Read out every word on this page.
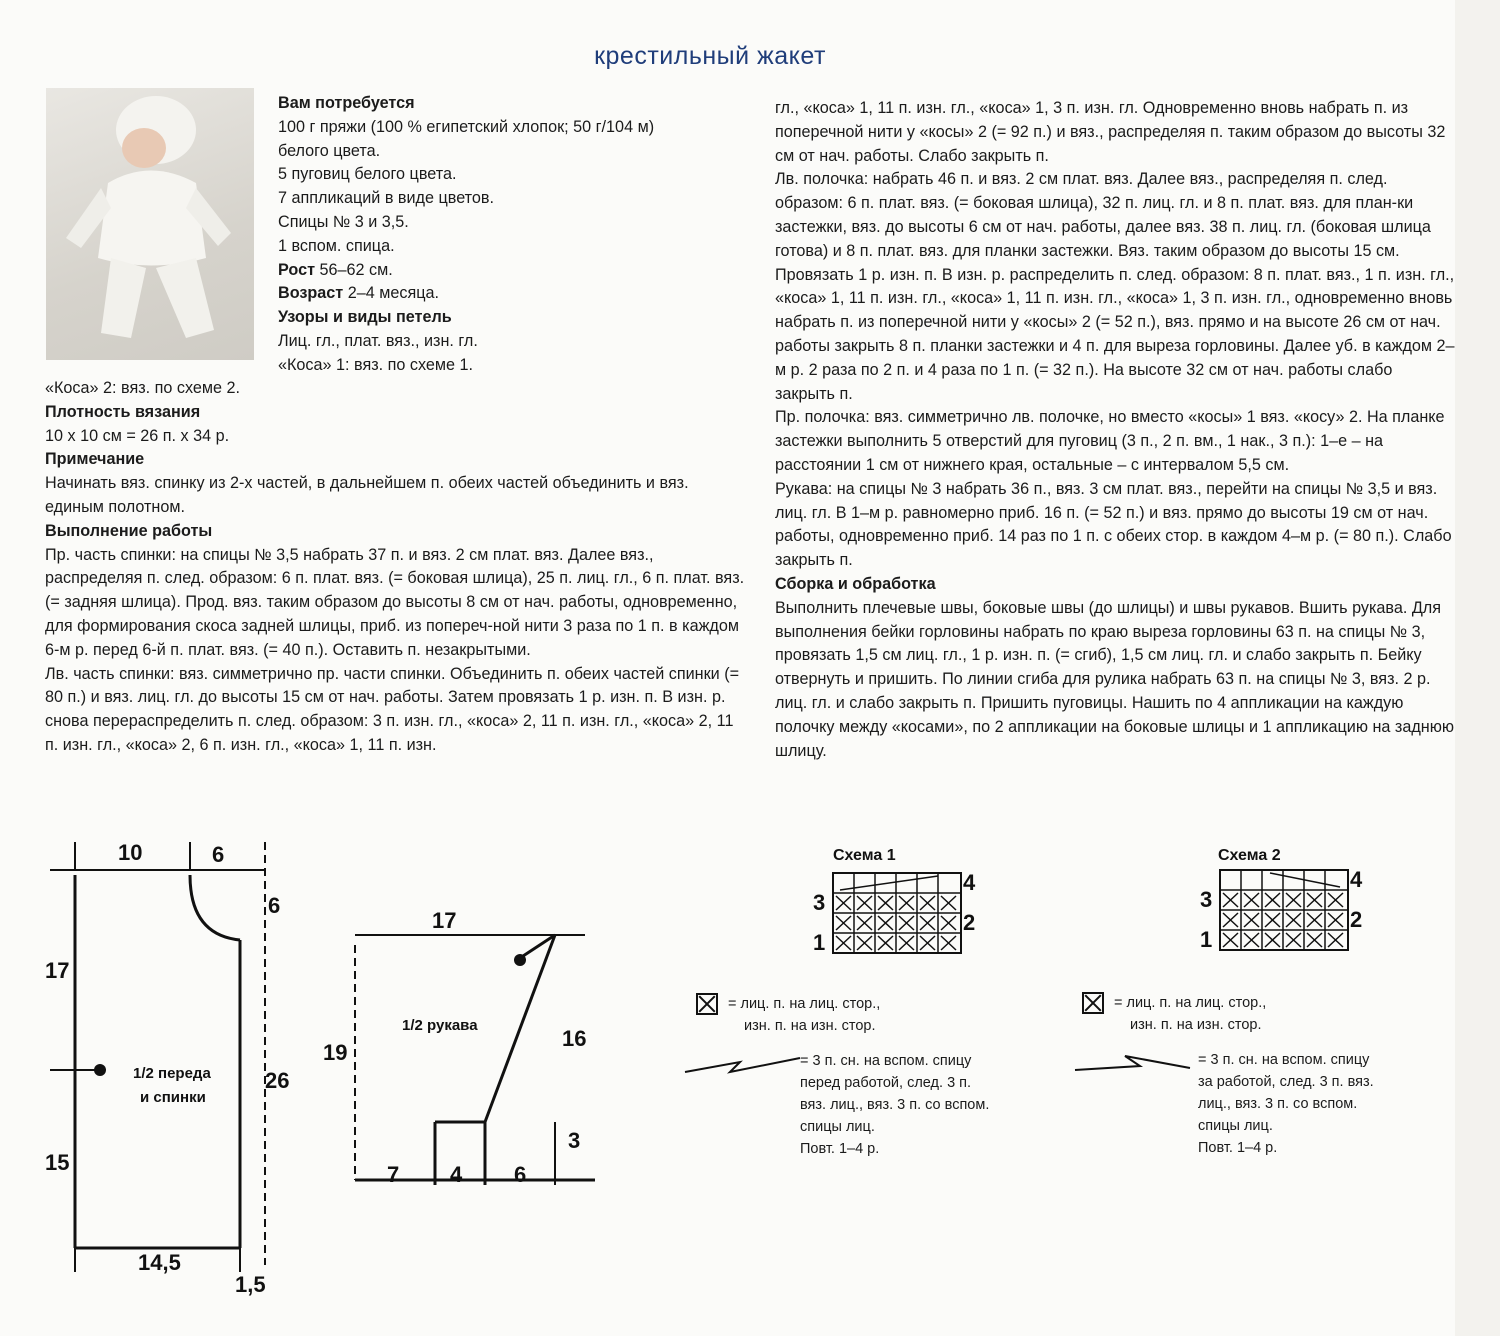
крестильный жакет

Вам потребуется

100 г пряжи (100 % египетский хлопок; 50 г/104 м)

белого цвета.

5 пуговиц белого цвета.

7 аппликаций в виде цветов.

Спицы № 3 и 3,5.

1 вспом. спица.

Рост 56–62 см.

Возраст 2–4 месяца.

Узоры и виды петель

Лиц. гл., плат. вяз., изн. гл.

«Коса» 1: вяз. по схеме 1.

«Коса» 2: вяз. по схеме 2.

Плотность вязания

10 х 10 см = 26 п. х 34 р.

Примечание

Начинать вяз. спинку из 2-х частей, в дальнейшем п. обеих частей объединить и вяз. единым полотном.

Выполнение работы

Пр. часть спинки: на спицы № 3,5 набрать 37 п. и вяз. 2 см плат. вяз. Далее вяз., распределяя п. след. образом: 6 п. плат. вяз. (= боковая шлица), 25 п. лиц. гл., 6 п. плат. вяз. (= задняя шлица). Прод. вяз. таким образом до высоты 8 см от нач. работы, одновременно, для формирования скоса задней шлицы, приб. из попереч-ной нити 3 раза по 1 п. в каждом 6-м р. перед 6-й п. плат. вяз. (= 40 п.). Оставить п. незакрытыми.

Лв. часть спинки: вяз. симметрично пр. части спинки. Объединить п. обеих частей спинки (= 80 п.) и вяз. лиц. гл. до высоты 15 см от нач. работы. Затем провязать 1 р. изн. п. В изн. р. снова перераспределить п. след. образом: 3 п. изн. гл., «коса» 2, 11 п. изн. гл., «коса» 2, 11 п. изн. гл., «коса» 2, 6 п. изн. гл., «коса» 1, 11 п. изн.

гл., «коса» 1, 11 п. изн. гл., «коса» 1, 3 п. изн. гл. Одновременно вновь набрать п. из поперечной нити у «косы» 2 (= 92 п.) и вяз., распределяя п. таким образом до высоты 32 см от нач. работы. Слабо закрыть п.

Лв. полочка: набрать 46 п. и вяз. 2 см плат. вяз. Далее вяз., распределяя п. след. образом: 6 п. плат. вяз. (= боковая шлица), 32 п. лиц. гл. и 8 п. плат. вяз. для план-ки застежки, вяз. до высоты 6 см от нач. работы, далее вяз. 38 п. лиц. гл. (боковая шлица готова) и 8 п. плат. вяз. для планки застежки. Вяз. таким образом до высоты 15 см. Провязать 1 р. изн. п. В изн. р. распределить п. след. образом: 8 п. плат. вяз., 1 п. изн. гл., «коса» 1, 11 п. изн. гл., «коса» 1, 11 п. изн. гл., «коса» 1, 3 п. изн. гл., одновременно вновь набрать п. из поперечной нити у «косы» 2 (= 52 п.), вяз. прямо и на высоте 26 см от нач. работы закрыть 8 п. планки застежки и 4 п. для выреза горловины. Далее уб. в каждом 2–м р. 2 раза по 2 п. и 4 раза по 1 п. (= 32 п.). На высоте 32 см от нач. работы слабо закрыть п.

Пр. полочка: вяз. симметрично лв. полочке, но вместо «косы» 1 вяз. «косу» 2. На планке застежки выполнить 5 отверстий для пуговиц (3 п., 2 п. вм., 1 нак., 3 п.): 1–е – на расстоянии 1 см от нижнего края, остальные – с интервалом 5,5 см.

Рукава: на спицы № 3 набрать 36 п., вяз. 3 см плат. вяз., перейти на спицы № 3,5 и вяз. лиц. гл. В 1–м р. равномерно приб. 16 п. (= 52 п.) и вяз. прямо до высоты 19 см от нач. работы, одновременно приб. 14 раз по 1 п. с обеих стор. в каждом 4–м р. (= 80 п.). Слабо закрыть п.

Сборка и обработка

Выполнить плечевые швы, боковые швы (до шлицы) и швы рукавов. Вшить рукава. Для выполнения бейки горловины набрать по краю выреза горловины 63 п. на спицы № 3, провязать 1,5 см лиц. гл., 1 р. изн. п. (= сгиб), 1,5 см лиц. гл. и слабо закрыть п. Бейку отвернуть и пришить. По линии сгиба для рулика набрать 63 п. на спицы № 3, вяз. 2 р. лиц. гл. и слабо закрыть п. Пришить пуговицы. Нашить по 4 аппликации на каждую полочку между «косами», по 2 аппликации на боковые шлицы и 1 аппликацию на заднюю шлицу.

10	6
6
17
17
26
15
14,5
1,5
19
16
3
7 4 6
1/2 переда
и спинки
1/2 рукава
Схема 1
4
3
2
1
Схема 2
4
3
2
1

= лиц. п. на лиц. стор.,

изн. п. на изн. стор.

= 3 п. сн. на вспом. спицу

перед работой, след. 3 п.

вяз. лиц., вяз. 3 п. со вспом.

спицы лиц.

Повт. 1–4 р.

= лиц. п. на лиц. стор.,

изн. п. на изн. стор.

= 3 п. сн. на вспом. спицу

за работой, след. 3 п. вяз.

лиц., вяз. 3 п. со вспом.

спицы лиц.

Повт. 1–4 р.
